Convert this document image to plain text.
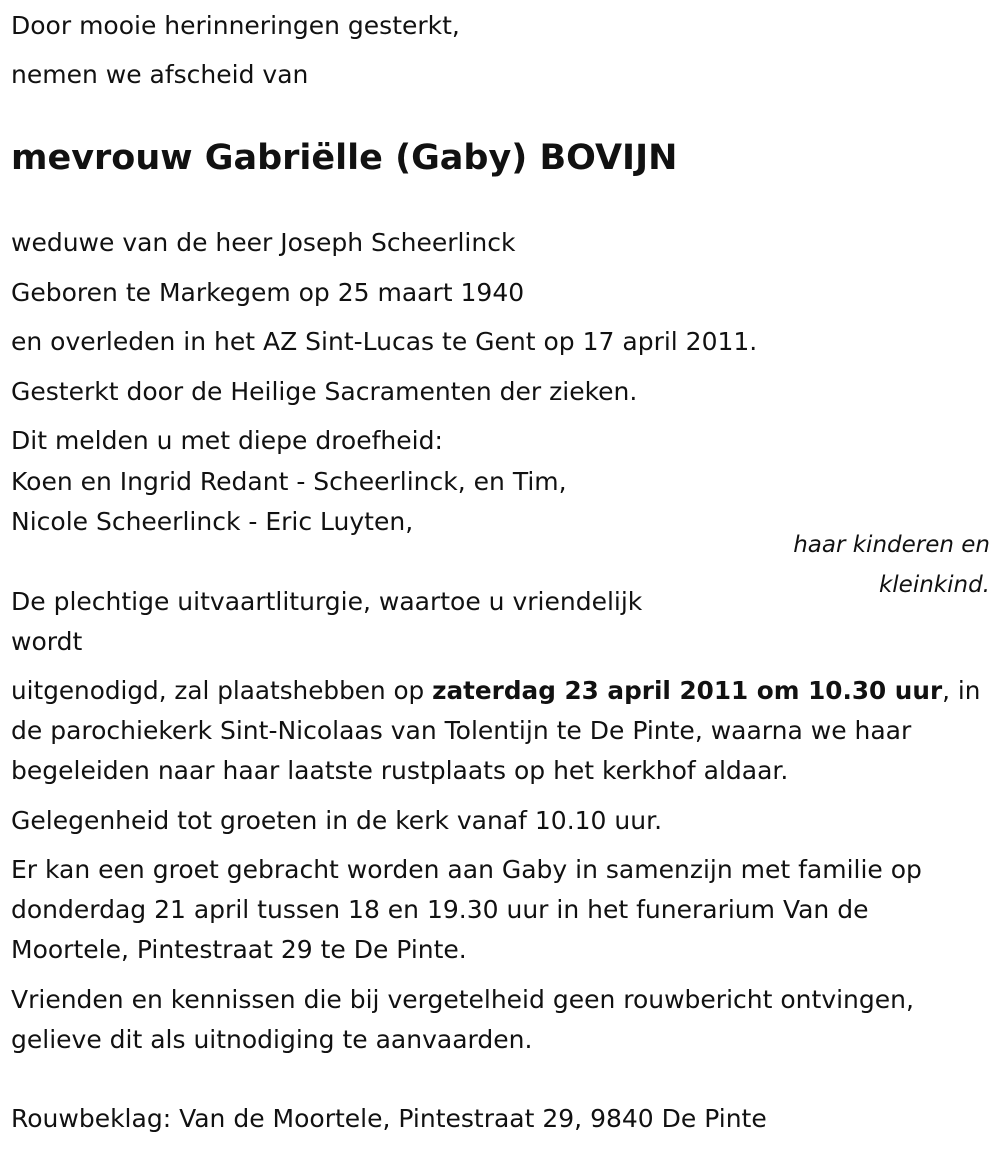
Door mooie herinneringen gesterkt,
nemen we afscheid van
mevrouw Gabriëlle (Gaby) BOVIJN
weduwe van de heer Joseph Scheerlinck
Geboren te Markegem op 25 maart 1940
en overleden in het AZ Sint-Lucas te Gent op 17 april 2011.
Gesterkt door de Heilige Sacramenten der zieken.
Dit melden u met diepe droefheid:
Koen en Ingrid Redant - Scheerlinck, en Tim,
Nicole Scheerlinck - Eric Luyten,
haar kinderen en
kleinkind.
De plechtige uitvaartliturgie, waartoe u vriendelijk
wordt
uitgenodigd, zal plaatshebben op zaterdag 23 april 2011 om 10.30 uur, in
de parochiekerk Sint-Nicolaas van Tolentijn te De Pinte, waarna we haar
begeleiden naar haar laatste rustplaats op het kerkhof aldaar.
Gelegenheid tot groeten in de kerk vanaf 10.10 uur.
Er kan een groet gebracht worden aan Gaby in samenzijn met familie op
donderdag 21 april tussen 18 en 19.30 uur in het funerarium Van de
Moortele, Pintestraat 29 te De Pinte.
Vrienden en kennissen die bij vergetelheid geen rouwbericht ontvingen,
gelieve dit als uitnodiging te aanvaarden.
Rouwbeklag: Van de Moortele, Pintestraat 29, 9840 De Pinte
